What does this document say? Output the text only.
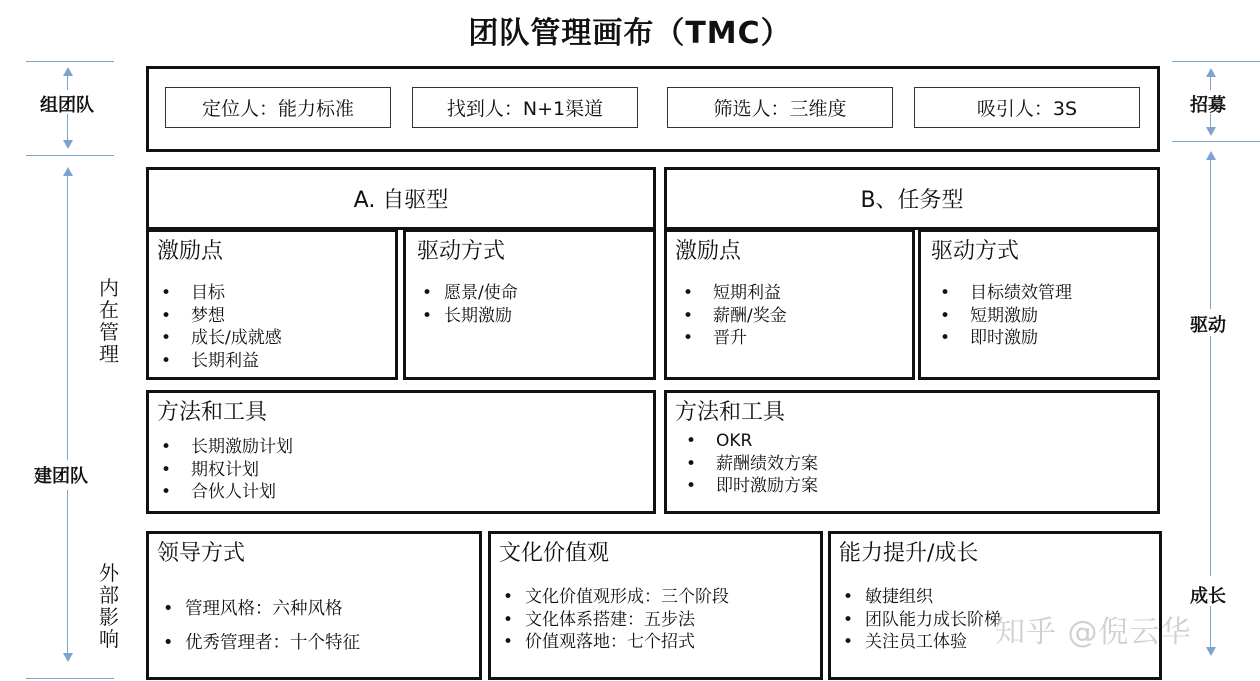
团队管理画布（TMC）
组团队
建团队
内在管理
外部影响
招募
驱动
成长
定位人：能力标准	找到人：N+1渠道	筛选人：三维度	吸引人：3S
A. 自驱型	B、任务型
激励点
• 目标
• 梦想
• 成长/成就感
• 长期利益
驱动方式
• 愿景/使命
• 长期激励
激励点
• 短期利益
• 薪酬/奖金
• 晋升
驱动方式
• 目标绩效管理
• 短期激励
• 即时激励
方法和工具
• 长期激励计划
• 期权计划
• 合伙人计划
方法和工具
• OKR
• 薪酬绩效方案
• 即时激励方案
领导方式
• 管理风格：六种风格
• 优秀管理者：十个特征
文化价值观
• 文化价值观形成：三个阶段
• 文化体系搭建：五步法
• 价值观落地：七个招式
能力提升/成长
• 敏捷组织
• 团队能力成长阶梯
• 关注员工体验 知乎 @倪云华
